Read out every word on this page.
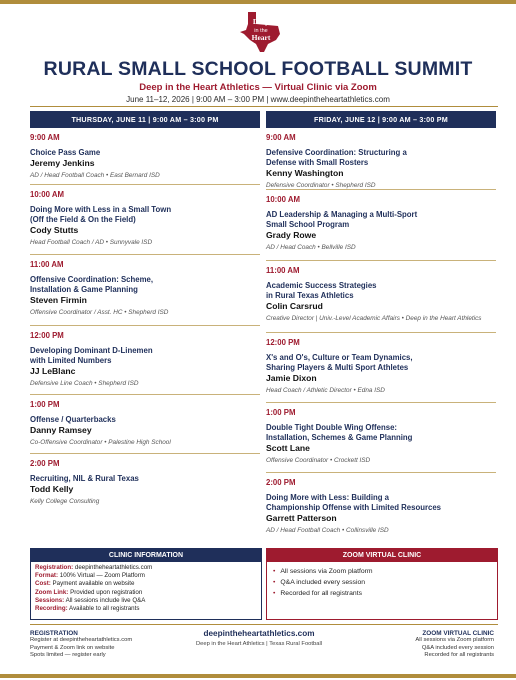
Deep
in the
Heart
RURAL SMALL SCHOOL FOOTBALL SUMMIT
Deep in the Heart Athletics — Virtual Clinic via Zoom
June 11–12, 2026 | 9:00 AM – 3:00 PM | www.deepintheheartathletics.com
THURSDAY, JUNE 11 | 9:00 AM – 3:00 PM
9:00 AM
Choice Pass Game
Jeremy Jenkins
AD / Head Football Coach • East Bernard ISD
10:00 AM
Doing More with Less in a Small Town
(Off the Field & On the Field)
Cody Stutts
Head Football Coach / AD • Sunnyvale ISD
11:00 AM
Offensive Coordination: Scheme,
Installation & Game Planning
Steven Firmin
Offensive Coordinator / Asst. HC • Shepherd ISD
12:00 PM
Developing Dominant D-Linemen
with Limited Numbers
JJ LeBlanc
Defensive Line Coach • Shepherd ISD
1:00 PM
Offense / Quarterbacks
Danny Ramsey
Co-Offensive Coordinator • Palestine High School
2:00 PM
Recruiting, NIL & Rural Texas
Todd Kelly
Kelly College Consulting
FRIDAY, JUNE 12 | 9:00 AM – 3:00 PM
9:00 AM
Defensive Coordination: Structuring a
Defense with Small Rosters
Kenny Washington
Defensive Coordinator • Shepherd ISD
10:00 AM
AD Leadership & Managing a Multi-Sport
Small School Program
Grady Rowe
AD / Head Coach • Bellville ISD
11:00 AM
Academic Success Strategies
in Rural Texas Athletics
Colin Carsrud
Creative Director | Univ.-Level Academic Affairs • Deep in the Heart Athletics
12:00 PM
X's and O's, Culture or Team Dynamics,
Sharing Players & Multi Sport Athletes
Jamie Dixon
Head Coach / Athletic Director • Edna ISD
1:00 PM
Double Tight Double Wing Offense:
Installation, Schemes & Game Planning
Scott Lane
Offensive Coordinator • Crockett ISD
2:00 PM
Doing More with Less: Building a
Championship Offense with Limited Resources
Garrett Patterson
AD / Head Football Coach • Collinsville ISD
CLINIC INFORMATION
Registration: deepintheheartathletics.com
Format: 100% Virtual — Zoom Platform
Cost: Payment available on website
Zoom Link: Provided upon registration
Sessions: All sessions include live Q&A
Recording: Available to all registrants
ZOOM VIRTUAL CLINIC
• All sessions via Zoom platform
• Q&A included every session
• Recorded for all registrants
REGISTRATION
Register at deepintheheartathletics.com
Payment & Zoom link on website
Spots limited — register early
deepintheheartathletics.com
Deep in the Heart Athletics | Texas Rural Football
ZOOM VIRTUAL CLINIC
All sessions via Zoom platform
Q&A included every session
Recorded for all registrants
